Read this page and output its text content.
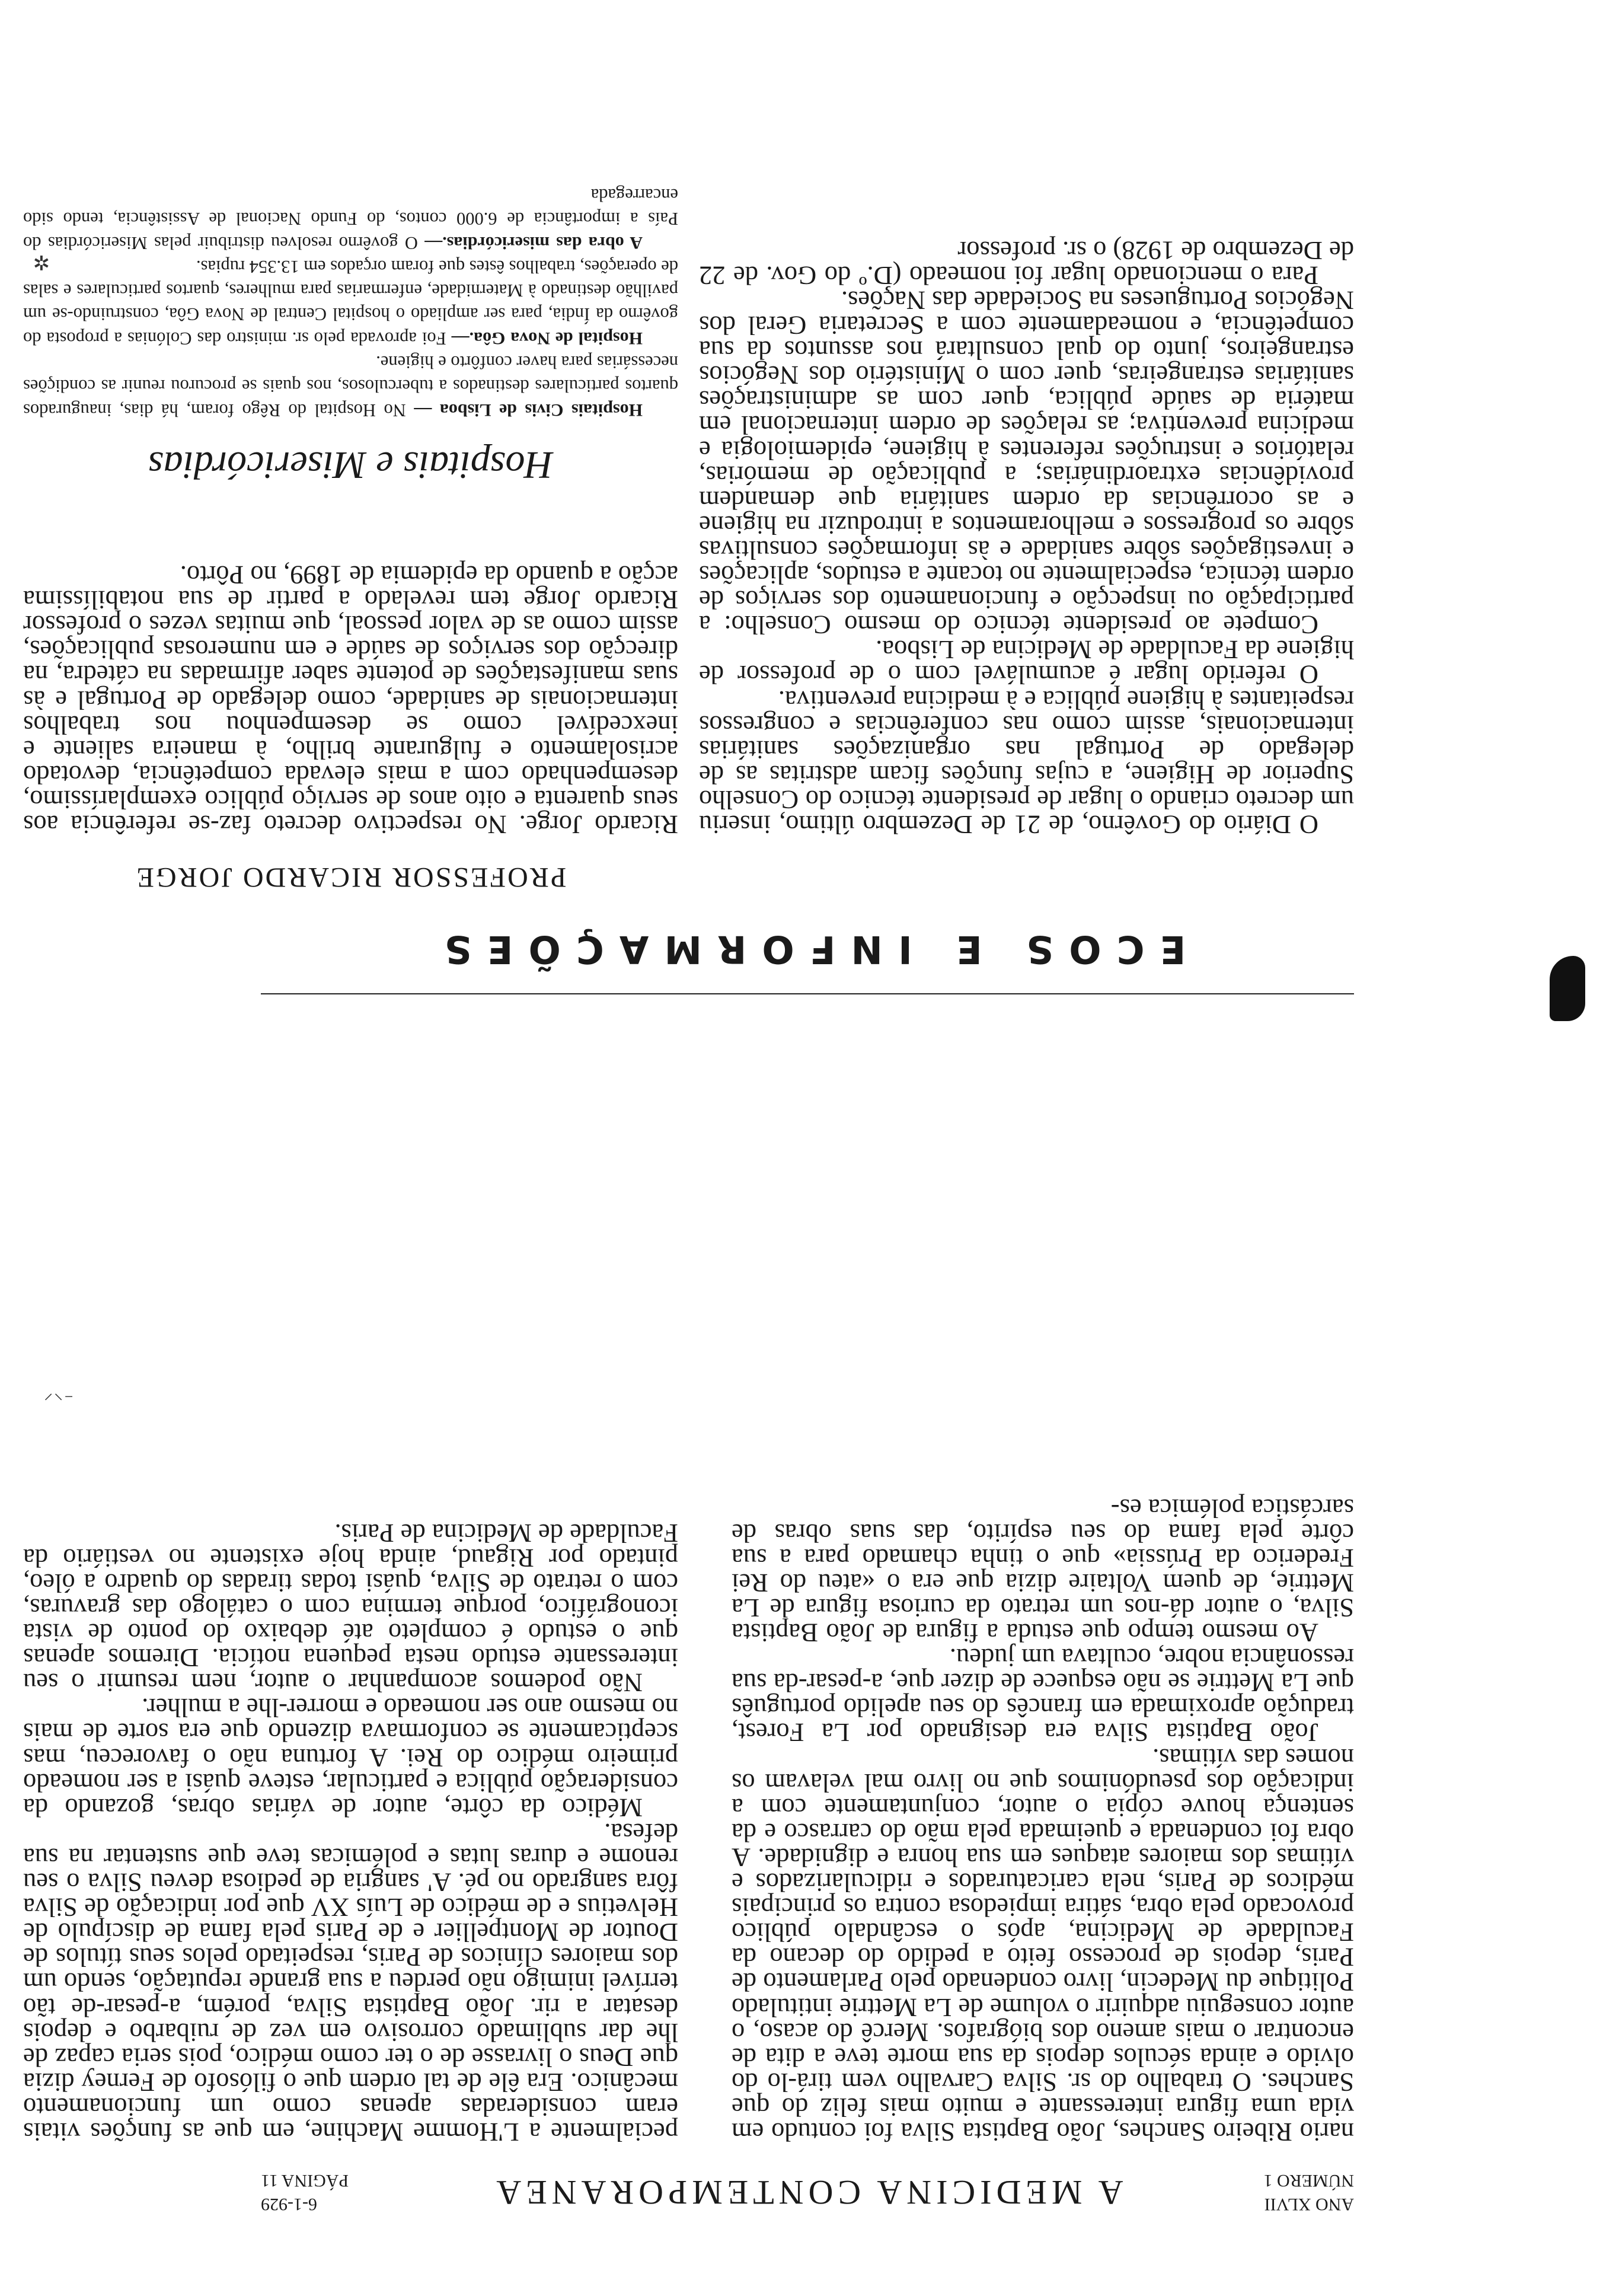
ANO XLVII
NÚMERO 1
A MEDICINA CONTEMPORANEA
6-1-929
PÁGINA 11

nario Ribeiro Sanches, João Baptista Silva foi contudo em vida uma figura interessante e muito mais feliz do que Sanches. O trabalho do sr. Silva Carvalho vem tirá-lo do olvido e ainda séculos depois da sua morte teve a dita de encontrar o mais ameno dos biógrafos. Mercê do acaso, o autor conseguiu adquirir o volume de La Mettrie intitulado Politique du Medecin, livro condenado pelo Parlamento de Paris, depois de processo feito a pedido do decano da Faculdade de Medicina, após o escândalo público provocado pela obra, sátira impiedosa contra os principais médicos de Paris, nela caricaturados e ridicularizados e vítimas dos maiores ataques em sua honra e dignidade. A obra foi condenada e queimada pela mão do carrasco e da sentença houve cópia o autor, conjuntamente com a indicação dos pseudónimos que no livro mal velavam os nomes das vítimas.

João Baptista Silva era designado por La Forest, tradução aproximada em francês do seu apelido português que La Mettrie se não esquece de dizer que, a-pesar-da sua ressonância nobre, ocultava um judeu.

Ao mesmo tempo que estuda a figura de João Baptista Silva, o autor dá-nos um retrato da curiosa figura de La Mettrie, de quem Voltaire dizia que era o «ateu do Rei Frederico da Prússia» que o tinha chamado para a sua côrte pela fama do seu espírito, das suas obras de sarcástica polémica es-

pecialmente a L'Homme Machine, em que as funções vitais eram consideradas apenas como um funcionamento mecânico. Era êle de tal ordem que o filósofo de Ferney dizia que Deus o livrasse de o ter como médico, pois seria capaz de lhe dar sublimado corrosivo em vez de ruibarbo e depois desatar a rir. João Baptista Silva, porém, a-pesar-de tão terrível inimigo não perdeu a sua grande reputação, sendo um dos maiores clínicos de Paris, respeitado pelos seus títulos de Doutor de Montpellier e de Paris pela fama de discípulo de Helvetius e de médico de Luís XV que por indicação de Silva fôra sangrado no pé. A' sangria de pediosa deveu Silva o seu renome e duras lutas e polémicas teve que sustentar na sua defesa.

Médico da côrte, autor de várias obras, gozando da consideração pública e particular, esteve quási a ser nomeado primeiro médico do Rei. A fortuna não o favoreceu, mas scepticamente se conformava dizendo que era sorte de mais no mesmo ano ser nomeado e morrer-lhe a mulher.

Não podemos acompanhar o autor, nem resumir o seu interessante estudo nesta pequena notícia. Diremos apenas que o estudo é completo até debaixo do ponto de vista iconográfico, porque termina com o catálogo das gravuras, com o retrato de Silva, quási todas tiradas do quadro a óleo, pintado por Rigaud, ainda hoje existente no vestiário da Faculdade de Medicina de Paris.

ECOS E INFORMAÇÕES
PROFESSOR RICARDO JORGE

O Diário do Govêrno, de 21 de Dezembro último, inseriu um decreto criando o lugar de presidente técnico do Conselho Superior de Higiene, a cujas funções ficam adstritas as de delegado de Portugal nas organizações sanitárias internacionais, assim como nas conferências e congressos respeitantes à higiene pública e à medicina preventiva.

O referido lugar é acumulável com o de professor de higiene da Faculdade de Medicina de Lisboa.

Compete ao presidente técnico do mesmo Conselho: a participação ou inspecção e funcionamento dos serviços de ordem técnica, especialmente no tocante a estudos, aplicações e investigações sôbre sanidade e às informações consultivas sôbre os progressos e melhoramentos a introduzir na higiene e as ocorrências da ordem sanitária que demandem providências extraordinárias; a publicação de memórias, relatórios e instruções referentes à higiene, epidemiologia e medicina preventiva; as relações de ordem internacional em matéria de saúde pública, quer com as administrações sanitárias estrangeiras, quer com o Ministério dos Negócios estrangeiros, junto do qual consultará nos assuntos da sua competência, e nomeadamente com a Secretaria Geral dos Negócios Portugueses na Sociedade das Nações.

Para o mencionado lugar foi nomeado (D.º do Gov. de 22 de Dezembro de 1928) o sr. professor

Ricardo Jorge. No respectivo decreto faz-se referência aos seus quarenta e oito anos de serviço público exemplaríssimo, desempenhado com a mais elevada competência, devotado acrisolamento e fulgurante brilho, à maneira saliente e inexcedível como se desempenhou nos trabalhos internacionais de sanidade, como delegado de Portugal e às suas manifestações de potente saber afirmadas na cátedra, na direcção dos serviços de saúde e em numerosas publicações, assim como as de valor pessoal, que muitas vezes o professor Ricardo Jorge tem revelado a partir de sua notabilíssima acção a quando da epidemia de 1899, no Pôrto.

Hospitais e Misericórdias

Hospitais Civis de Lisboa — No Hospital do Rêgo foram, há dias, inaugurados quartos particulares destinados a tuberculosos, nos quais se procurou reunir as condições necessárias para haver confôrto e higiene.

Hospital de Nova Gôa.— Foi aprovada pelo sr. ministro das Colónias a proposta do govêrno da Índia, para ser ampliado o hospital Central de Nova Gôa, construindo-se um pavilhão destinado à Maternidade, enfermarias para mulheres, quartos particulares e salas de operações, trabalhos êstes que foram orçados em 13.354 rupias.

A obra das misericórdias.— O govêrno resolveu distribuir pelas Misericórdias do País a importância de 6.000 contos, do Fundo Nacional de Assistência, tendo sido encarregada

✲
⁻⸌⸍
